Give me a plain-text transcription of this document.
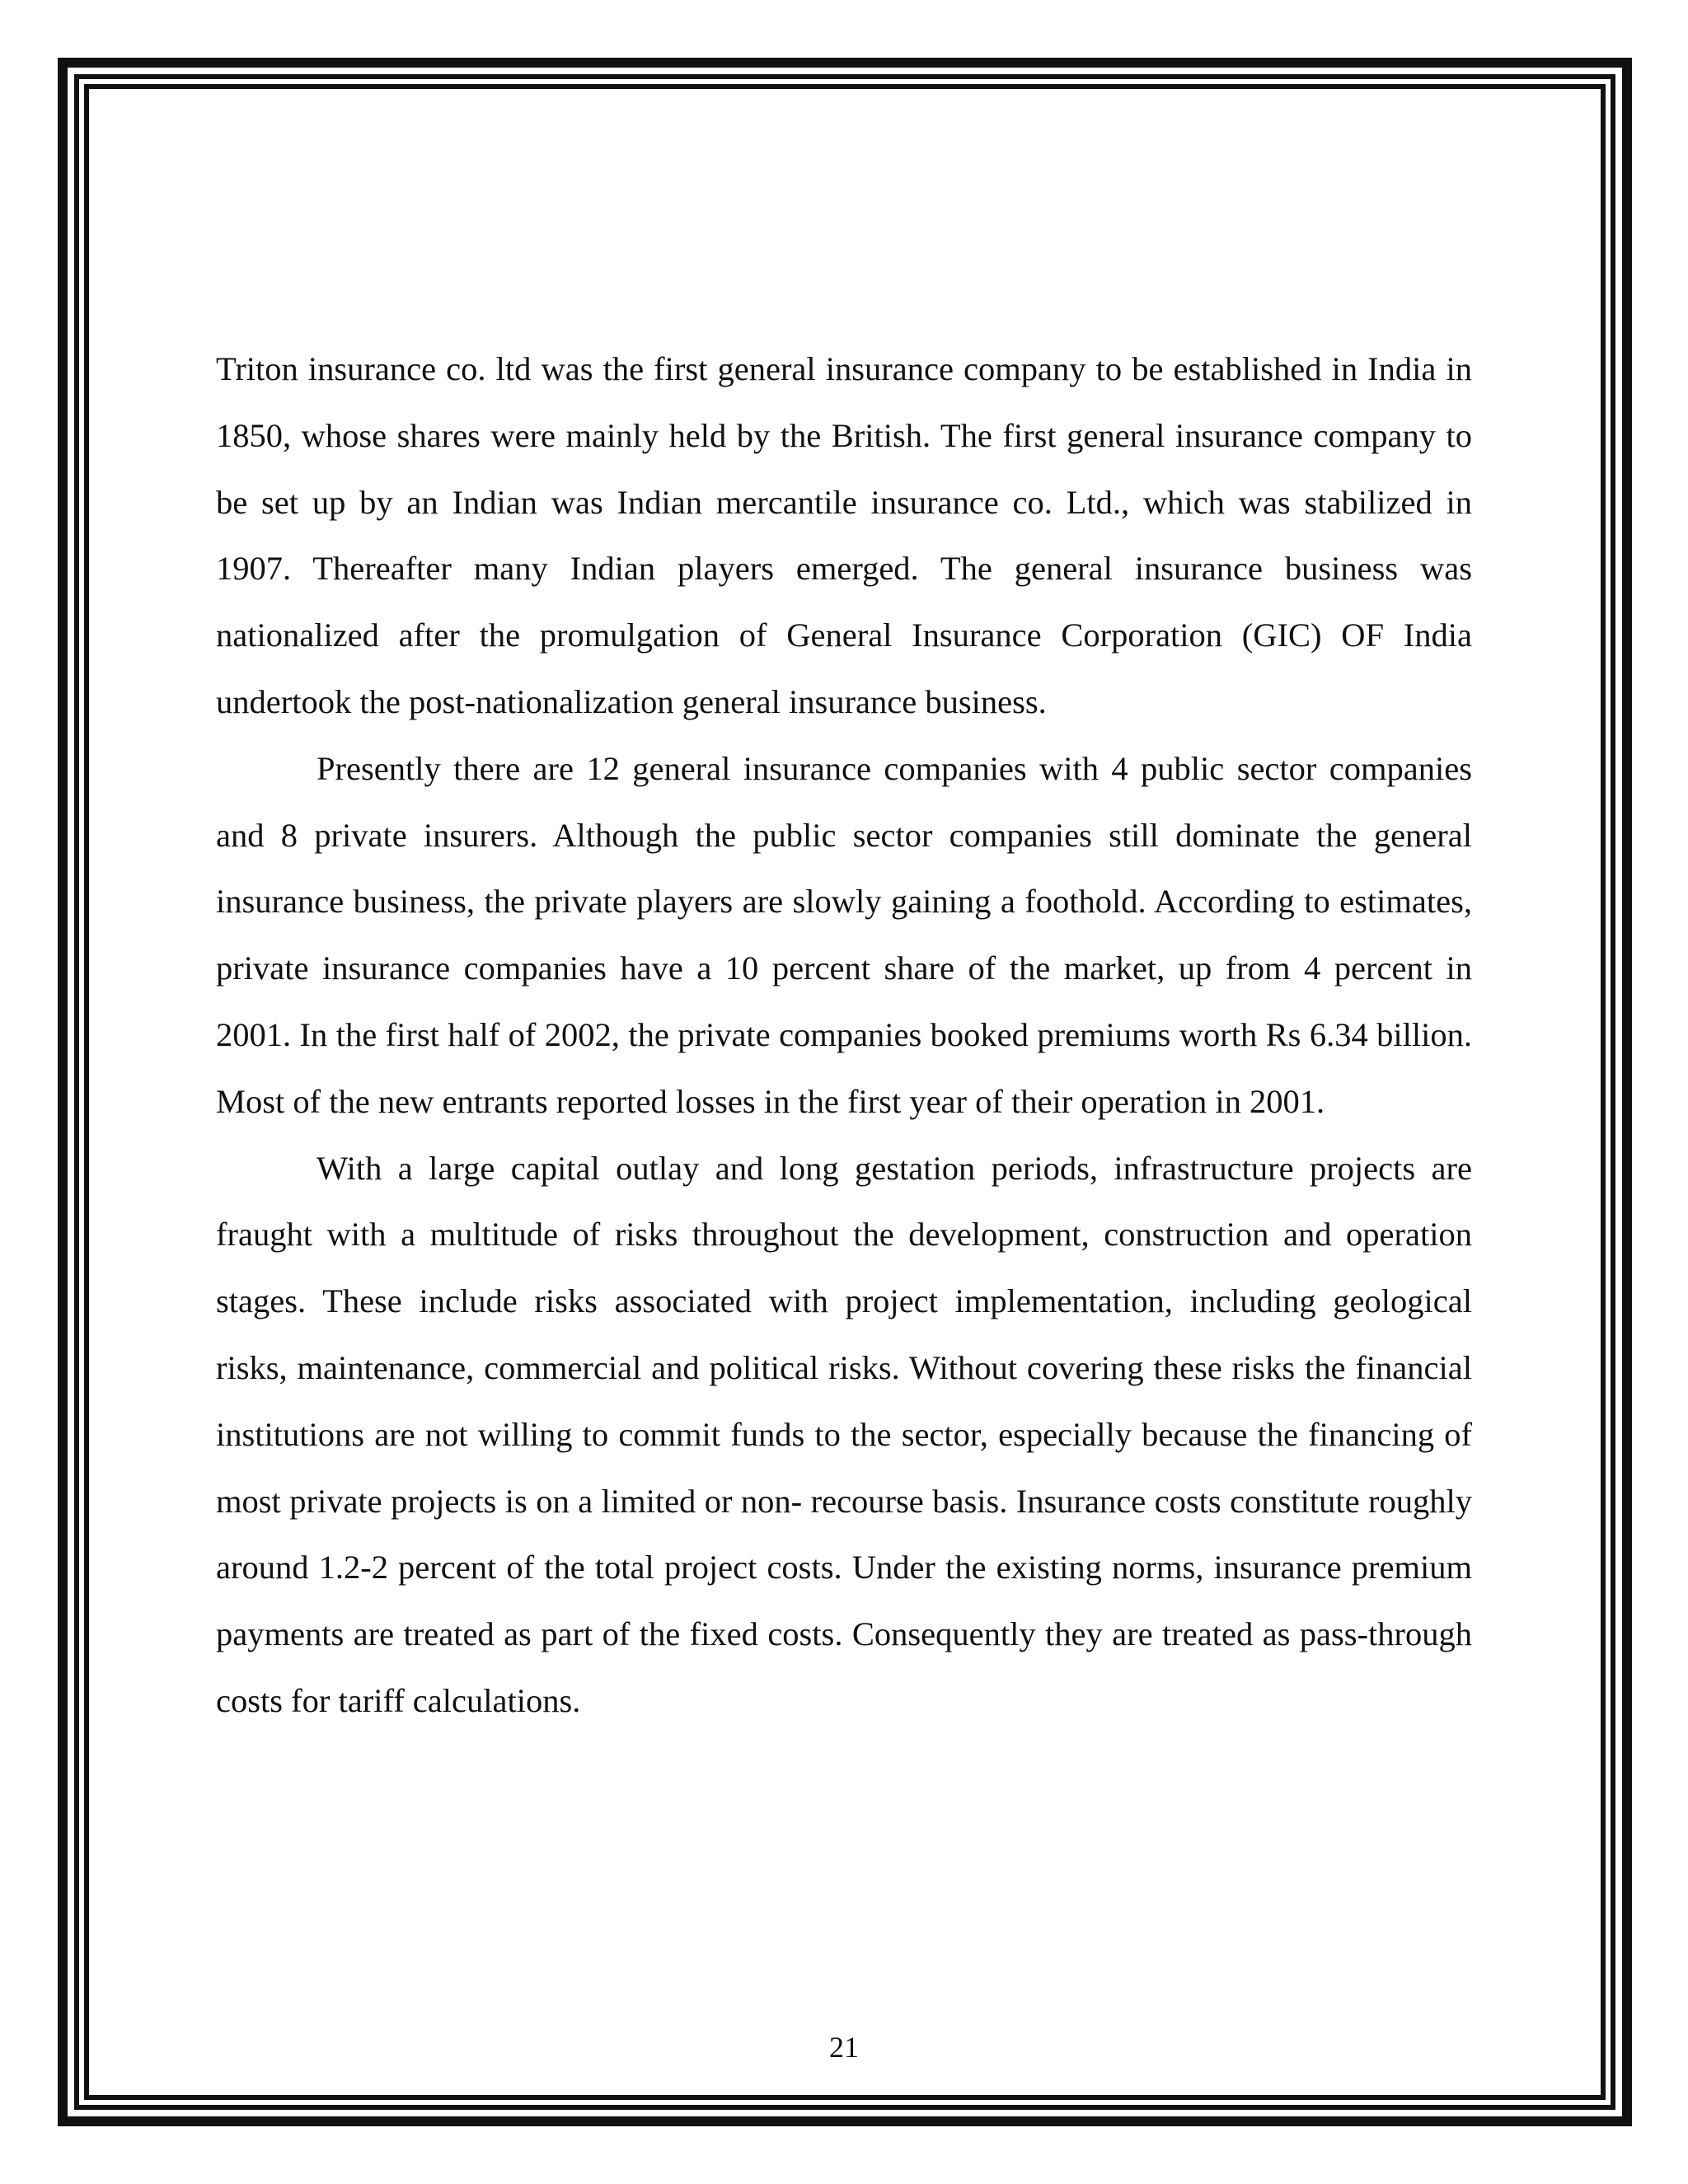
Triton insurance co. ltd was the first general insurance company to be established in India in 1850, whose shares were mainly held by the British. The first general insurance company to be set up by an Indian was Indian mercantile insurance co. Ltd., which was stabilized in 1907. Thereafter many Indian players emerged. The general insurance business was nationalized after the promulgation of General Insurance Corporation (GIC) OF India undertook the post-nationalization general insurance business.

Presently there are 12 general insurance companies with 4 public sector companies and 8 private insurers. Although the public sector companies still dominate the general insurance business, the private players are slowly gaining a foothold. According to estimates, private insurance companies have a 10 percent share of the market, up from 4 percent in 2001. In the first half of 2002, the private companies booked premiums worth Rs 6.34 billion. Most of the new entrants reported losses in the first year of their operation in 2001.

With a large capital outlay and long gestation periods, infrastructure projects are fraught with a multitude of risks throughout the development, construction and operation stages. These include risks associated with project implementation, including geological risks, maintenance, commercial and political risks. Without covering these risks the financial institutions are not willing to commit funds to the sector, especially because the financing of most private projects is on a limited or non- recourse basis. Insurance costs constitute roughly around 1.2-2 percent of the total project costs. Under the existing norms, insurance premium payments are treated as part of the fixed costs. Consequently they are treated as pass-through costs for tariff calculations.

21
